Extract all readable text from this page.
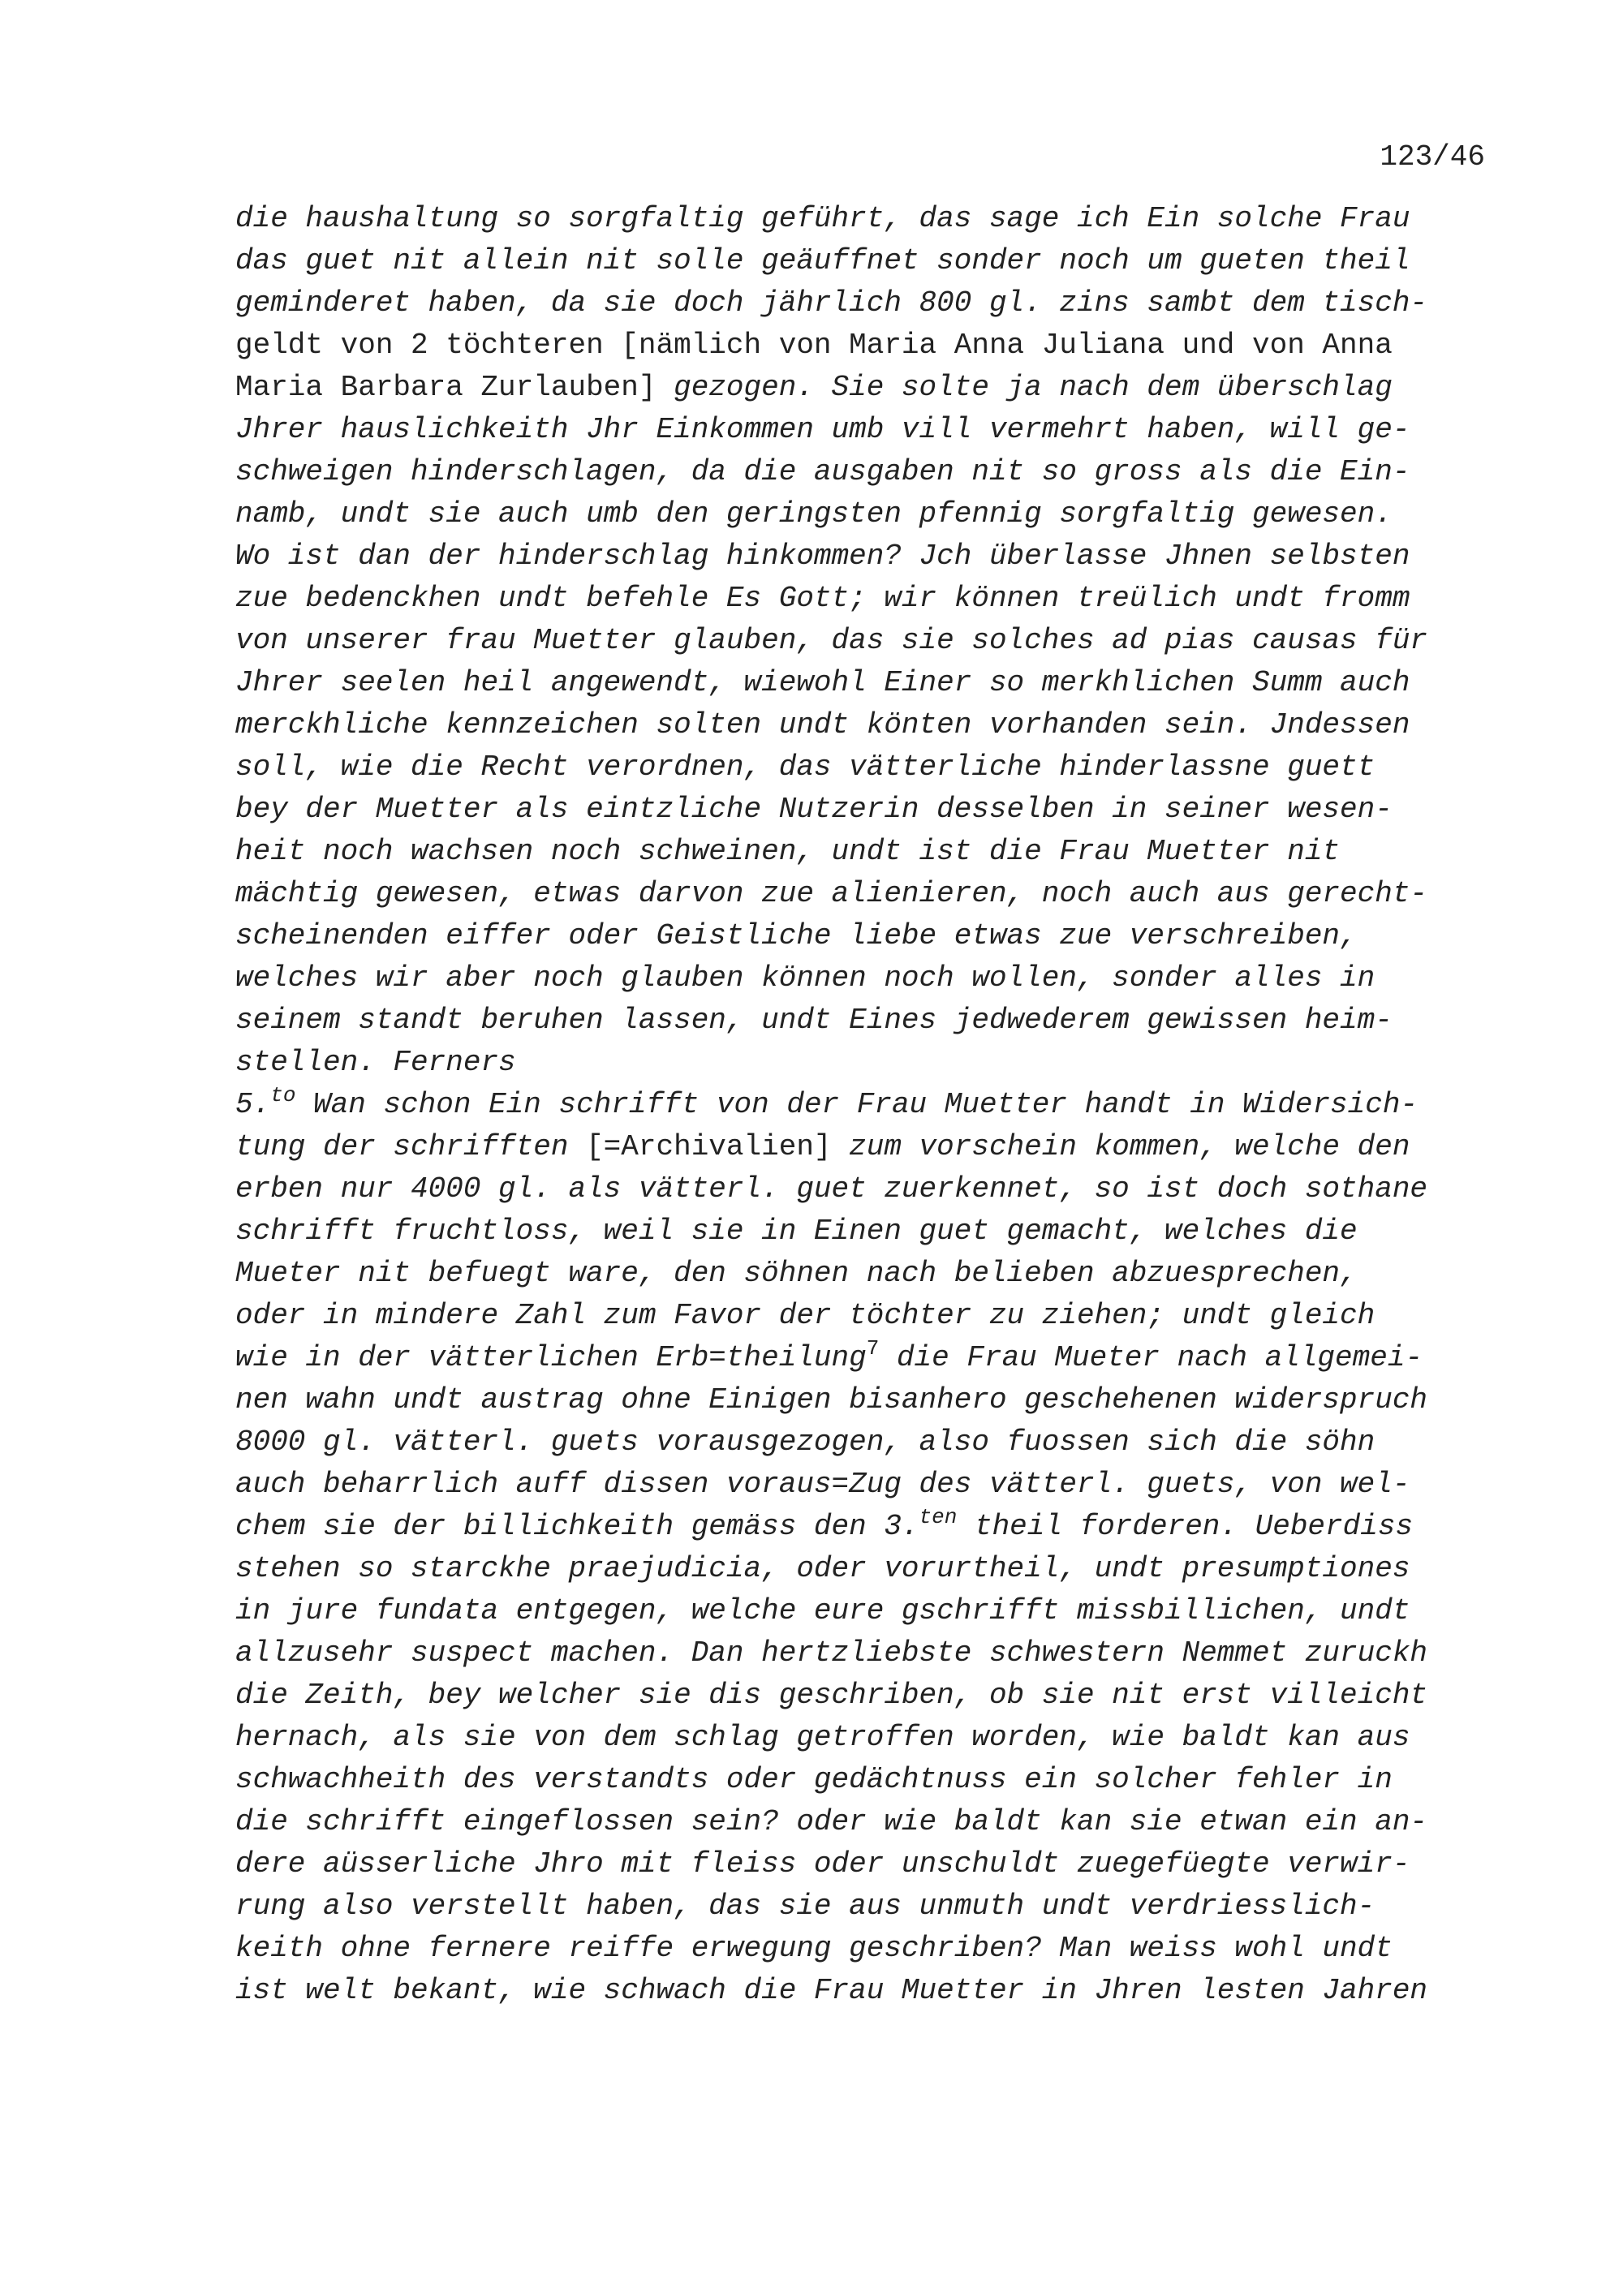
123/46
die haushaltung so sorgfaltig geführt, das sage ich Ein solche Frau
das guet nit allein nit solle geäuffnet sonder noch um gueten theil
geminderet haben, da sie doch jährlich 800 gl. zins sambt dem tisch-
geldt von 2 töchteren [nämlich von Maria Anna Juliana und von Anna
Maria Barbara Zurlauben] gezogen. Sie solte ja nach dem überschlag
Jhrer hauslichkeith Jhr Einkommen umb vill vermehrt haben, will ge-
schweigen hinderschlagen, da die ausgaben nit so gross als die Ein-
namb, undt sie auch umb den geringsten pfennig sorgfaltig gewesen.
Wo ist dan der hinderschlag hinkommen? Jch überlasse Jhnen selbsten
zue bedenckhen undt befehle Es Gott; wir können treülich undt fromm
von unserer frau Muetter glauben, das sie solches ad pias causas für
Jhrer seelen heil angewendt, wiewohl Einer so merkhlichen Summ auch
merckhliche kennzeichen solten undt könten vorhanden sein. Jndessen
soll, wie die Recht verordnen, das vätterliche hinderlassne guett
bey der Muetter als eintzliche Nutzerin desselben in seiner wesen-
heit noch wachsen noch schweinen, undt ist die Frau Muetter nit
mächtig gewesen, etwas darvon zue alienieren, noch auch aus gerecht-
scheinenden eiffer oder Geistliche liebe etwas zue verschreiben,
welches wir aber noch glauben können noch wollen, sonder alles in
seinem standt beruhen lassen, undt Eines jedwederem gewissen heim-
stellen. Ferners
5.$^{to}$ Wan schon Ein schrifft von der Frau Muetter handt in Widersich-
tung der schrifften [=Archivalien] zum vorschein kommen, welche den
erben nur 4000 gl. als vätterl. guet zuerkennet, so ist doch sothane
schrifft fruchtloss, weil sie in Einen guet gemacht, welches die
Mueter nit befuegt ware, den söhnen nach belieben abzuesprechen,
oder in mindere Zahl zum Favor der töchter zu ziehen; undt gleich
wie in der vätterlichen Erb=theilung$^7$ die Frau Mueter nach allgemei-
nen wahn undt austrag ohne Einigen bisanhero geschehenen widerspruch
8000 gl. vätterl. guets vorausgezogen, also fuossen sich die söhn
auch beharrlich auff dissen voraus=Zug des vätterl. guets, von wel-
chem sie der billichkeith gemäss den 3.$^{ten}$ theil forderen. Ueberdiss
stehen so starckhe praejudicia, oder vorurtheil, undt presumptiones
in jure fundata entgegen, welche eure gschrifft missbillichen, undt
allzusehr suspect machen. Dan hertzliebste schwestern Nemmet zuruckh
die Zeith, bey welcher sie dis geschriben, ob sie nit erst villeicht
hernach, als sie von dem schlag getroffen worden, wie baldt kan aus
schwachheith des verstandts oder gedächtnuss ein solcher fehler in
die schrifft eingeflossen sein? oder wie baldt kan sie etwan ein an-
dere aüsserliche Jhro mit fleiss oder unschuldt zuegefüegte verwir-
rung also verstellt haben, das sie aus unmuth undt verdriesslich-
keith ohne fernere reiffe erwegung geschriben? Man weiss wohl undt
ist welt bekant, wie schwach die Frau Muetter in Jhren lesten Jahren
